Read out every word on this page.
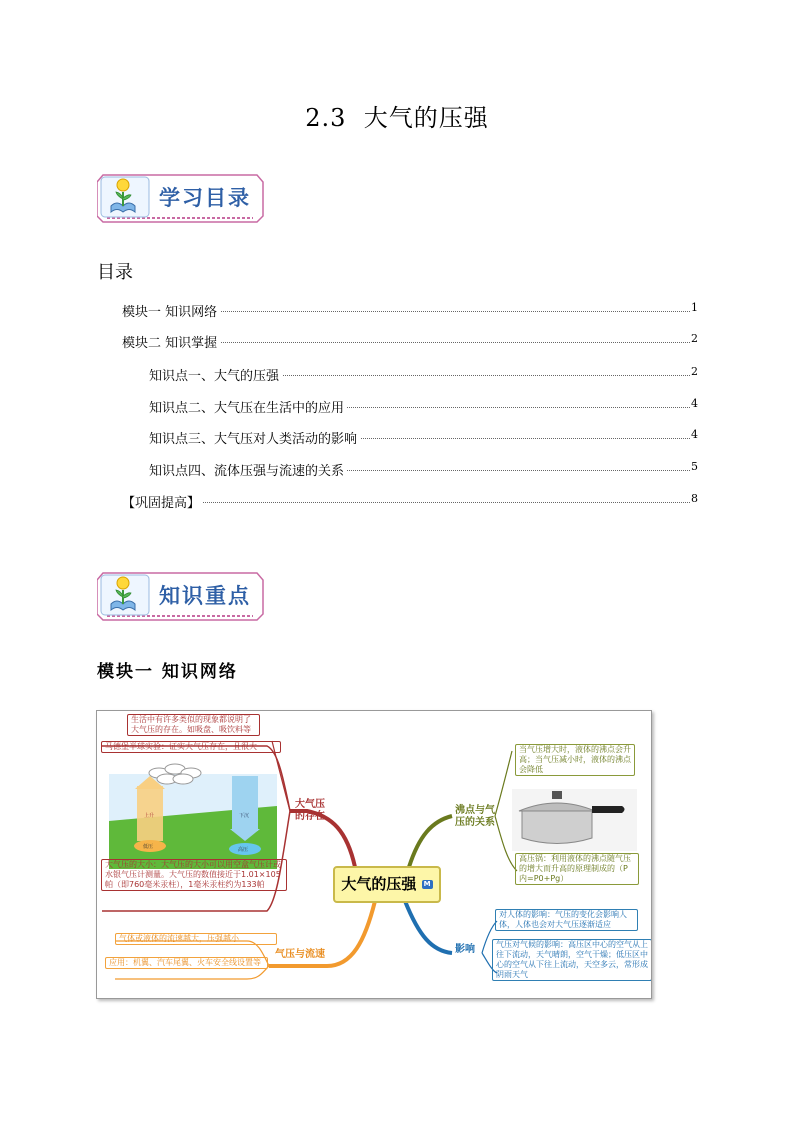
2.3 大气的压强
学习目录
目录
模块一 知识网络	1
模块二 知识掌握	2
知识点一、大气的压强	2
知识点二、大气压在生活中的应用	4
知识点三、大气压对人类活动的影响	4
知识点四、流体压强与流速的关系	5
【巩固提高】	8
知识重点
模块一 知识网络
大气的压强 M
大气压
的存在
沸点与气
压的关系
气压与流速	影响
生活中有许多类似的现象都说明了大气压的存在。如吸盘、吸饮料等
马德堡半球实验：证实大气压存在，且很大
上升	下沉
低压	高压
大气压的大小：大气压的大小可以用空盒气压计或水银气压计测量。大气压的数值接近于1.01×105帕（即760毫米汞柱），1毫米汞柱约为133帕
当气压增大时，液体的沸点会升高；当气压减小时，液体的沸点会降低
高压锅：利用液体的沸点随气压的增大而升高的原理制成的（P内=P0+Pg）
气体或液体的流速越大，压强越小
应用：机翼、汽车尾翼、火车安全线设置等
对人体的影响：气压的变化会影响人体，人体也会对大气压逐渐适应
气压对气候的影响：高压区中心的空气从上往下流动，天气晴朗，空气干燥；低压区中心的空气从下往上流动，天空多云，常形成阴雨天气
